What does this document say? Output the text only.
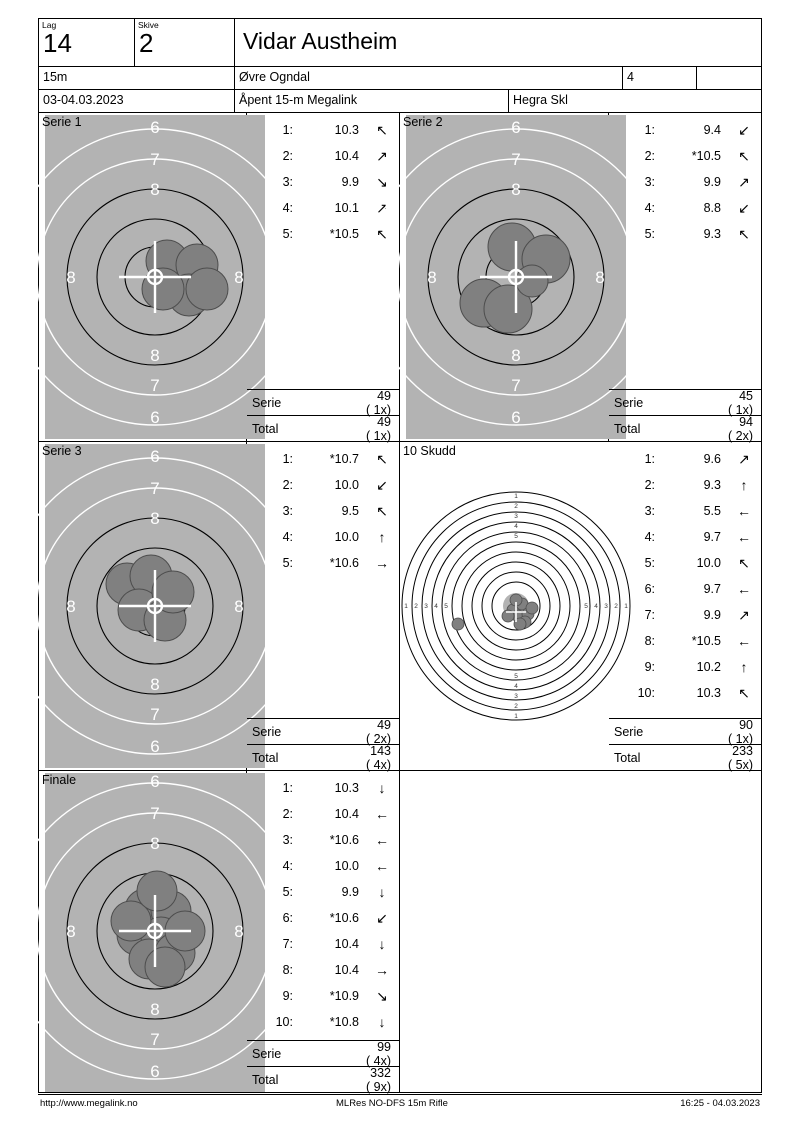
Lag
14
Skive
2	Vidar Austheim
15m	Øvre Ogndal	4
03-04.03.2023	Åpent 15-m Megalink	Hegra Skl
Serie 1	6
6
7
7
8
8
8	8
1:	10.3	↖
2:	10.4	↗
3:	9.9	↘
4:	10.1	↗
5:	*10.5	↖
Serie	49( 1x)
Total	49( 1x)
Serie 2	6
6
7
7
8
8
8	8
1:	9.4	↙
2:	*10.5	↖
3:	9.9	↗
4:	8.8	↙
5:	9.3	↖
Serie	45( 1x)
Total	94( 2x)
Serie 3	6
6
7
7
8
8
8	8
1:	*10.7	↖
2:	10.0	↙
3:	9.5	↖
4:	10.0	↑
5:	*10.6	→
Serie	49( 2x)
Total	143( 4x)
10 Skudd
1
2
3
4
5
1
2
3
4
5
1 2 3 4 5	1
2
3
4
5
1:	9.6	↗
2:	9.3	↑
3:	5.5	←
4:	9.7	←
5:	10.0	↖
6:	9.7	←
7:	9.9	↗
8:	*10.5	←
9:	10.2	↑
10:	10.3	↖
Serie	90( 1x)
Total	233( 5x)
Finale	6
6
7
7
8
8
8	8
1:	10.3	↓
2:	10.4	←
3:	*10.6	←
4:	10.0	←
5:	9.9	↓
6:	*10.6	↙
7:	10.4	↓
8:	10.4	→
9:	*10.9	↘
10:	*10.8	↓
Serie	99( 4x)
Total	332( 9x)
http://www.megalink.no	MLRes NO-DFS 15m Rifle	16:25 - 04.03.2023
